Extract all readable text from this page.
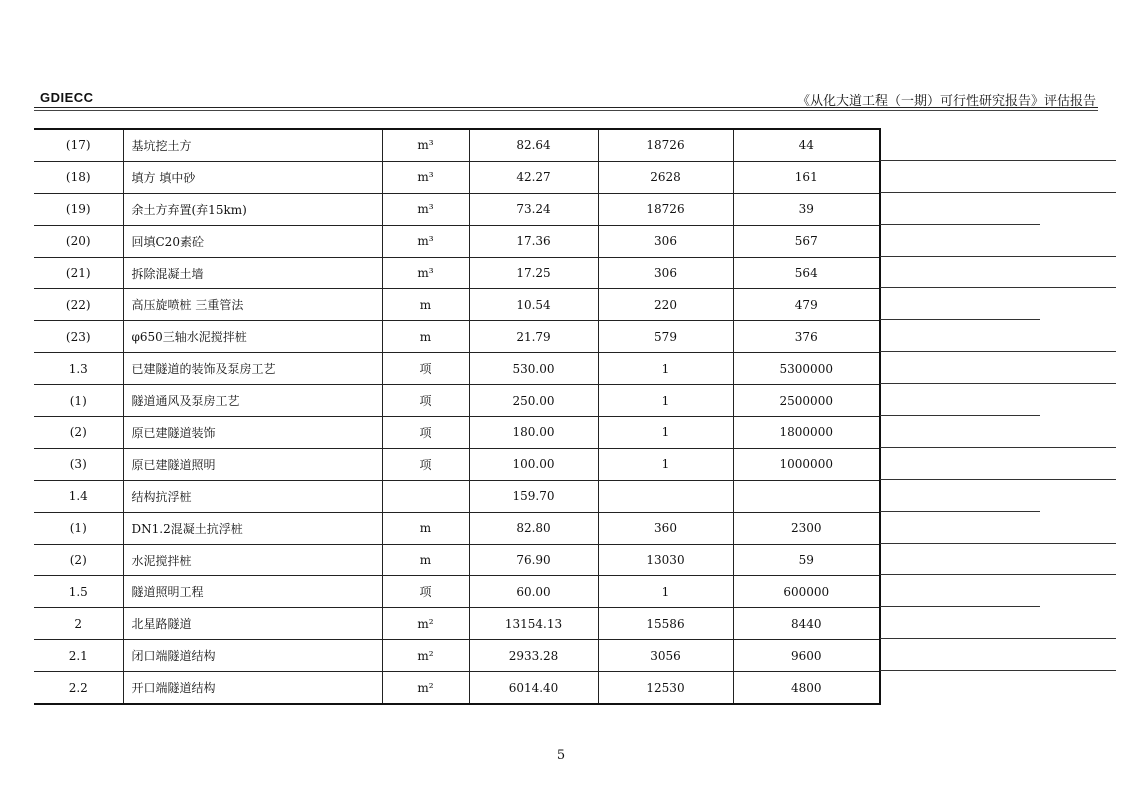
GDIECC	《从化大道工程（一期）可行性研究报告》评估报告
(17)	基坑挖土方	m³	82.64	18726	44
(18)	填方 填中砂	m³	42.27	2628	161
(19)	余土方弃置(弃15km)	m³	73.24	18726	39
(20)	回填C20素砼	m³	17.36	306	567
(21)	拆除混凝土墙	m³	17.25	306	564
(22)	高压旋喷桩 三重管法	m	10.54	220	479
(23)	φ650三轴水泥搅拌桩	m	21.79	579	376
1.3	已建隧道的装饰及泵房工艺	项	530.00	1	5300000
(1)	隧道通风及泵房工艺	项	250.00	1	2500000
(2)	原已建隧道装饰	项	180.00	1	1800000
(3)	原已建隧道照明	项	100.00	1	1000000
1.4	结构抗浮桩		159.70		
(1)	DN1.2混凝土抗浮桩	m	82.80	360	2300
(2)	水泥搅拌桩	m	76.90	13030	59
1.5	隧道照明工程	项	60.00	1	600000
2	北星路隧道	m²	13154.13	15586	8440
2.1	闭口端隧道结构	m²	2933.28	3056	9600
2.2	开口端隧道结构	m²	6014.40	12530	4800
5
